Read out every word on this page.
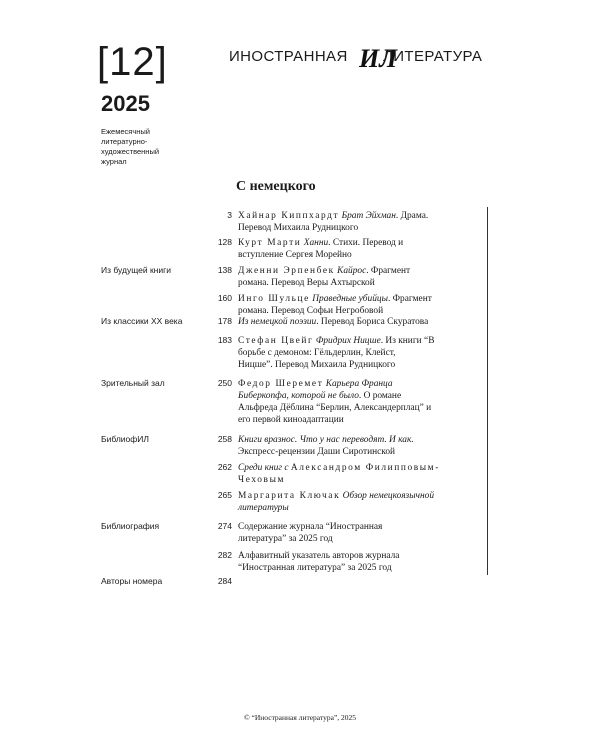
[12]
2025
Ежемесячный
литературно-
художественный
журнал
ИНОСТРАННАЯ ИЛ
ЛИТЕРАТУРА
С немецкого
3 Хайнар Киппхардт Брат Эйхман. Драма.
Перевод Михаила Рудницкого
128 Курт Марти Ханни. Стихи. Перевод и
вступление Сергея Морейно
Из будущей книги	138 Дженни Эрпенбек Кайрос. Фрагмент
романа. Перевод Веры Ахтырской
160 Инго Шульце Праведные убийцы. Фрагмент
романа. Перевод Софьи Негробовой
Из классики XX века	178 Из немецкой поэзии. Перевод Бориса Скуратова
183 Стефан Цвейг Фридрих Ницше. Из книги “В
борьбе с демоном: Гёльдерлин, Клейст,
Ницше”. Перевод Михаила Рудницкого
Зрительный зал	250 Федор Шеремет Карьера Франца
Биберкопфа, которой не было. О романе
Альфреда Дёблина “Берлин, Александерплац” и
его первой киноадаптации
БиблиофИЛ	258 Книги вразнос. Что у нас переводят. И как.
Экспресс-рецензии Даши Сиротинской
262 Среди книг с Александром Филипповым-
Чеховым
265 Маргарита Ключак Обзор немецкоязычной
литературы
Библиография	274 Содержание журнала “Иностранная
литература” за 2025 год
282 Алфавитный указатель авторов журнала
“Иностранная литература” за 2025 год
Авторы номера	284
© “Иностранная литература”, 2025
